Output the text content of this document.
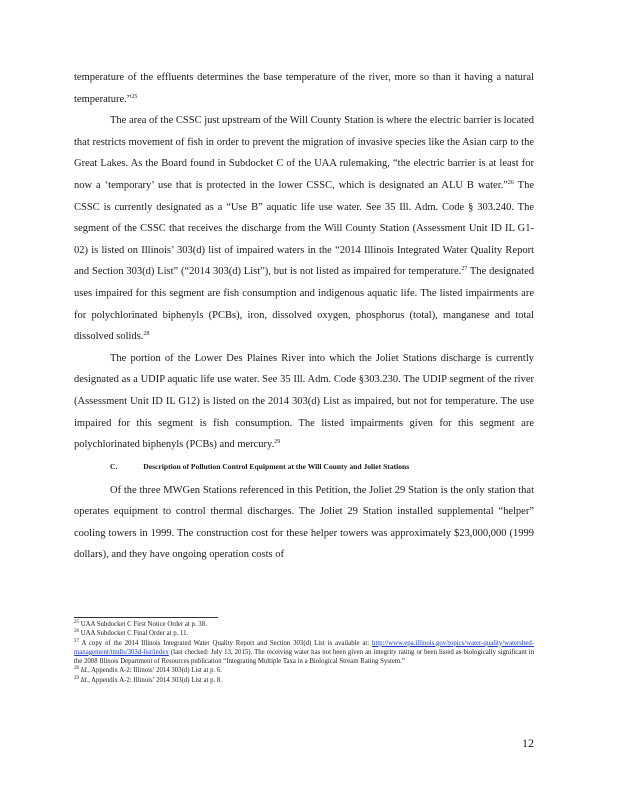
temperature of the effluents determines the base temperature of the river, more so than it having a natural temperature.”$^{25}$

The area of the CSSC just upstream of the Will County Station is where the electric barrier is located that restricts movement of fish in order to prevent the migration of invasive species like the Asian carp to the Great Lakes. As the Board found in Subdocket C of the UAA rulemaking, “the electric barrier is at least for now a ‘temporary’ use that is protected in the lower CSSC, which is designated an ALU B water.”$^{26}$ The CSSC is currently designated as a “Use B” aquatic life use water. See 35 Ill. Adm. Code § 303.240. The segment of the CSSC that receives the discharge from the Will County Station (Assessment Unit ID IL G1-02) is listed on Illinois’ 303(d) list of impaired waters in the “2014 Illinois Integrated Water Quality Report and Section 303(d) List” (“2014 303(d) List”), but is not listed as impaired for temperature.$^{27}$ The designated uses impaired for this segment are fish consumption and indigenous aquatic life. The listed impairments are for polychlorinated biphenyls (PCBs), iron, dissolved oxygen, phosphorus (total), manganese and total dissolved solids.$^{28}$

The portion of the Lower Des Plaines River into which the Joliet Stations discharge is currently designated as a UDIP aquatic life use water. See 35 Ill. Adm. Code §303.230. The UDIP segment of the river (Assessment Unit ID IL G12) is listed on the 2014 303(d) List as impaired, but not for temperature. The use impaired for this segment is fish consumption. The listed impairments given for this segment are polychlorinated biphenyls (PCBs) and mercury.$^{29}$

C.	Description of Pollution Control Equipment at the Will County and Joliet Stations

Of the three MWGen Stations referenced in this Petition, the Joliet 29 Station is the only station that operates equipment to control thermal discharges. The Joliet 29 Station installed supplemental “helper” cooling towers in 1999. The construction cost for these helper towers was approximately $23,000,000 (1999 dollars), and they have ongoing operation costs of

$^{25}$ UAA Subdocket C First Notice Order at p. 38.

$^{26}$ UAA Subdocket C Final Order at p. 11.

$^{27}$ A copy of the 2014 Illinois Integrated Water Quality Report and Section 303(d) List is available at: http://www.epa.illinois.gov/topics/water-quality/watershed-management/tmdls/303d-list/index (last checked: July 13, 2015). The receiving water has not been given an integrity rating or been listed as biologically significant in the 2008 Illinois Department of Resources publication “Integrating Multiple Taxa in a Biological Stream Rating System.”

$^{28}$ Id., Appendix A-2: Illinois’ 2014 303(d) List at p. 6.

$^{29}$ Id., Appendix A-2: Illinois’ 2014 303(d) List at p. 8.

12
